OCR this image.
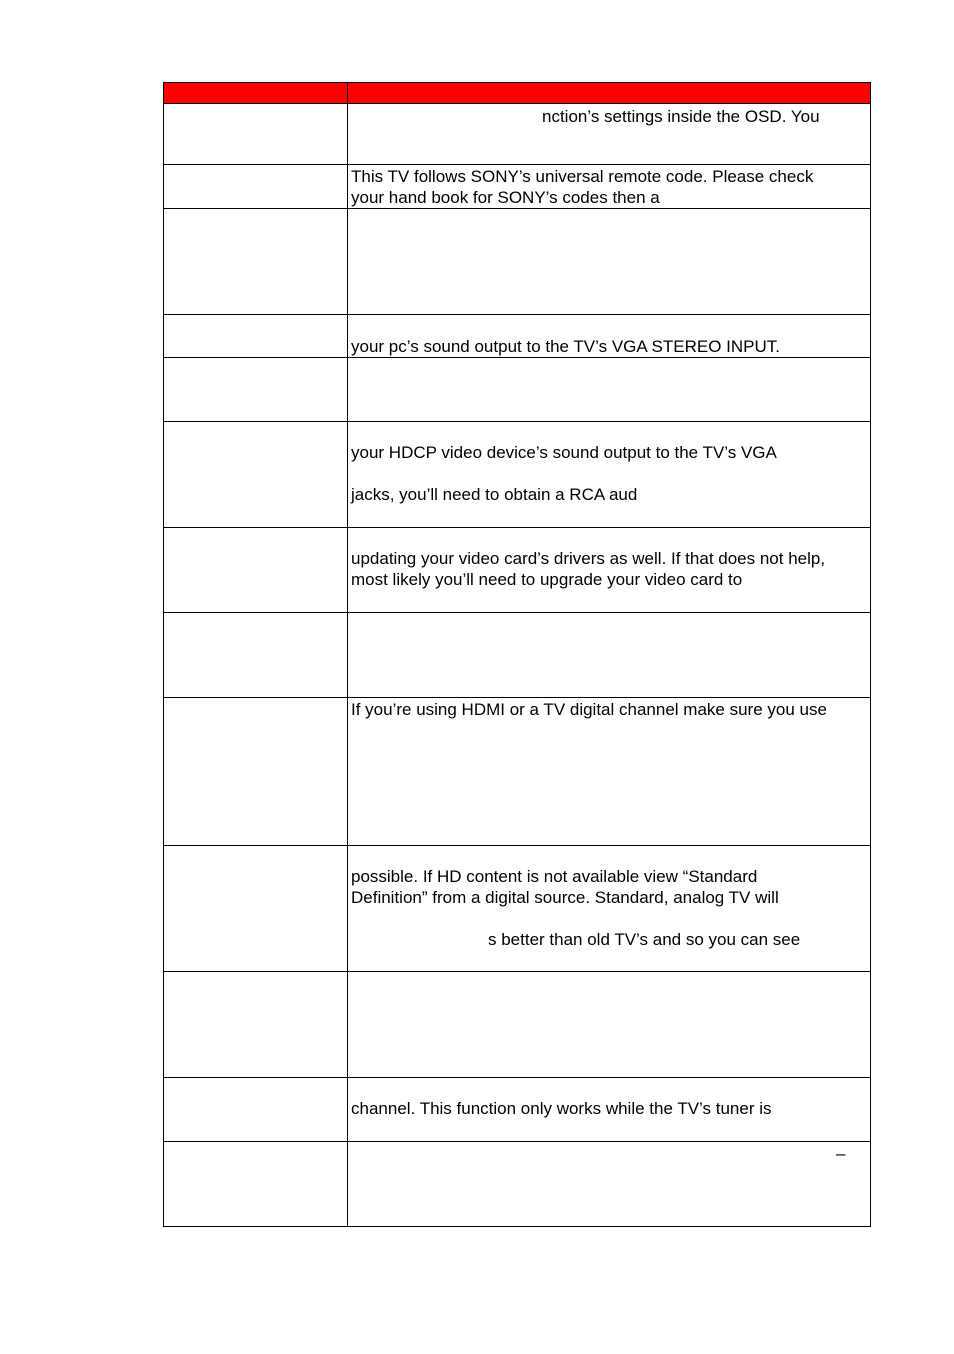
	nction’s settings inside the OSD. You

	This TV follows SONY’s universal remote code. Please check
your hand book for SONY’s codes then a

	your pc’s sound output to the TV’s VGA STEREO INPUT.

	your HDCP video device’s sound output to the TV’s VGA
jacks, you’ll need to obtain a RCA aud

	updating your video card’s drivers as well. If that does not help,
most likely you’ll need to upgrade your video card to

	If you’re using HDMI or a TV digital channel make sure you use

	possible. If HD content is not available view “Standard
Definition” from a digital source. Standard, analog TV will
s better than old TV’s and so you can see

	channel. This function only works while the TV’s tuner is

	–
